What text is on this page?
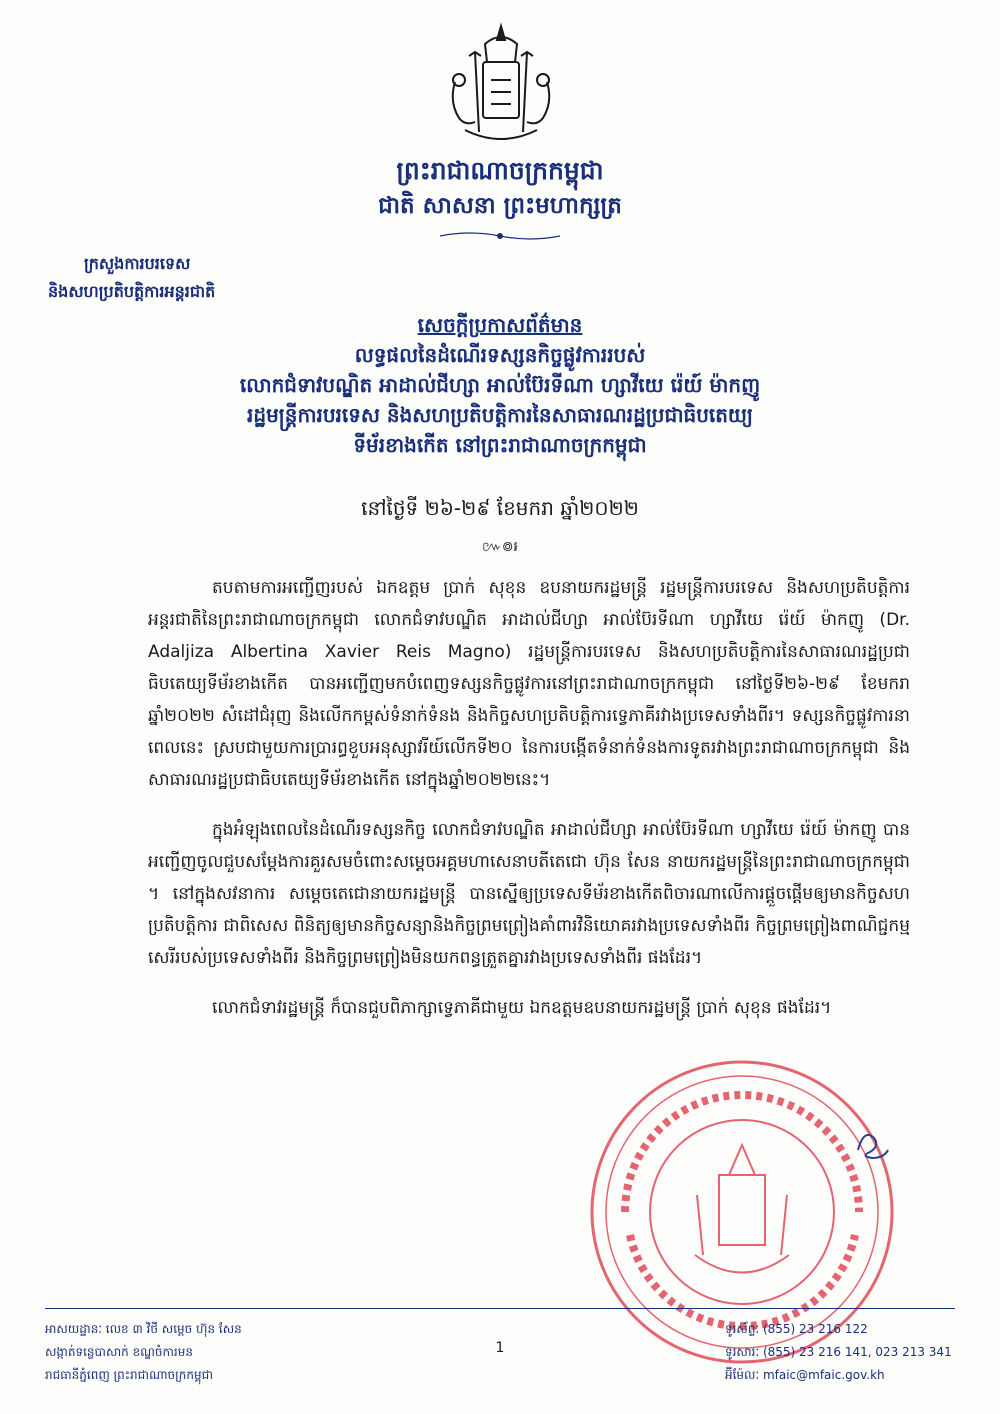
ព្រះរាជាណាចក្រកម្ពុជា
ជាតិ សាសនា ព្រះមហាក្សត្រ
ក្រសួងការបរទេស
និងសហប្រតិបត្តិការអន្តរជាតិ
សេចក្តីប្រកាសព័ត៌មាន
លទ្ធផលនៃដំណើរទស្សនកិច្ចផ្លូវការរបស់
លោកជំទាវបណ្ឌិត អាដាល់ជីហ្សា អាល់ប៊ែរទីណា ហ្សាវីយេ រ៉េយ៍ ម៉ាកញូ
រដ្ឋមន្ត្រីការបរទេស និងសហប្រតិបត្តិការនៃសាធារណរដ្ឋប្រជាធិបតេយ្យ
ទីម័រខាងកើត នៅព្រះរាជាណាចក្រកម្ពុជា
នៅថ្ងៃទី ២៦-២៩ ខែមករា ឆ្នាំ២០២២
៚៙៛

តបតាមការអញ្ជើញរបស់ ឯកឧត្តម ប្រាក់ សុខុន ឧបនាយករដ្ឋមន្ត្រី រដ្ឋមន្ត្រីការបរទេស និងសហប្រតិបត្តិការអន្តរជាតិនៃព្រះរាជាណាចក្រកម្ពុជា លោកជំទាវបណ្ឌិត អាដាល់ជីហ្សា អាល់ប៊ែរទីណា ហ្សាវីយេ រ៉េយ៍ ម៉ាកញូ (Dr. Adaljiza Albertina Xavier Reis Magno) រដ្ឋមន្ត្រីការបរទេស និងសហប្រតិបត្តិការនៃសាធារណរដ្ឋប្រជាធិបតេយ្យទីម័រខាងកើត បានអញ្ជើញមកបំពេញទស្សនកិច្ចផ្លូវការនៅព្រះរាជាណាចក្រកម្ពុជា នៅថ្ងៃទី២៦-២៩ ខែមករា ឆ្នាំ២០២២ សំដៅជំរុញ និងលើកកម្ពស់ទំនាក់ទំនង និងកិច្ចសហប្រតិបត្តិការទ្វេភាគីរវាងប្រទេសទាំងពីរ។ ទស្សនកិច្ចផ្លូវការនាពេលនេះ ស្របជាមួយការប្រារព្ធខួបអនុស្សាវរីយ៍លើកទី២០ នៃការបង្កើតទំនាក់ទំនងការទូតរវាងព្រះរាជាណាចក្រកម្ពុជា និងសាធារណរដ្ឋប្រជាធិបតេយ្យទីម័រខាងកើត នៅក្នុងឆ្នាំ២០២២នេះ។

ក្នុងអំឡុងពេលនៃដំណើរទស្សនកិច្ច លោកជំទាវបណ្ឌិត អាដាល់ជីហ្សា អាល់ប៊ែរទីណា ហ្សាវីយេ រ៉េយ៍ ម៉ាកញូ បានអញ្ជើញចូលជួបសម្តែងការគួរសមចំពោះសម្តេចអគ្គមហាសេនាបតីតេជោ ហ៊ុន សែន នាយករដ្ឋមន្ត្រីនៃព្រះរាជាណាចក្រកម្ពុជា ។ នៅក្នុងសវនាការ សម្តេចតេជោនាយករដ្ឋមន្ត្រី បានស្នើឲ្យប្រទេសទីម័រខាងកើតពិចារណាលើការផ្តួចផ្តើមឲ្យមានកិច្ចសហប្រតិបត្តិការ ជាពិសេស ពិនិត្យឲ្យមានកិច្ចសន្យានិងកិច្ចព្រមព្រៀងគាំពារវិនិយោគរវាងប្រទេសទាំងពីរ កិច្ចព្រមព្រៀងពាណិជ្ជកម្មសេរីរបស់ប្រទេសទាំងពីរ និងកិច្ចព្រមព្រៀងមិនយកពន្ធត្រួតគ្នារវាងប្រទេសទាំងពីរ ផងដែរ។

លោកជំទាវរដ្ឋមន្ត្រី ក៏បានជួបពិភាក្សាទ្វេភាគីជាមួយ ឯកឧត្តមឧបនាយករដ្ឋមន្ត្រី ប្រាក់ សុខុន ផងដែរ។

អាសយដ្ឋានៈ លេខ ៣ វិថី សម្តេច ហ៊ុន សែន
សង្កាត់ទន្លេបាសាក់ ខណ្ឌចំការមន
រាជធានីភ្នំពេញ ព្រះរាជាណាចក្រកម្ពុជា
1
ទូរស័ព្ទៈ (855) 23 216 122
ទូរសារៈ (855) 23 216 141, 023 213 341
អ៊ីម៉ែលៈ mfaic@mfaic.gov.kh
